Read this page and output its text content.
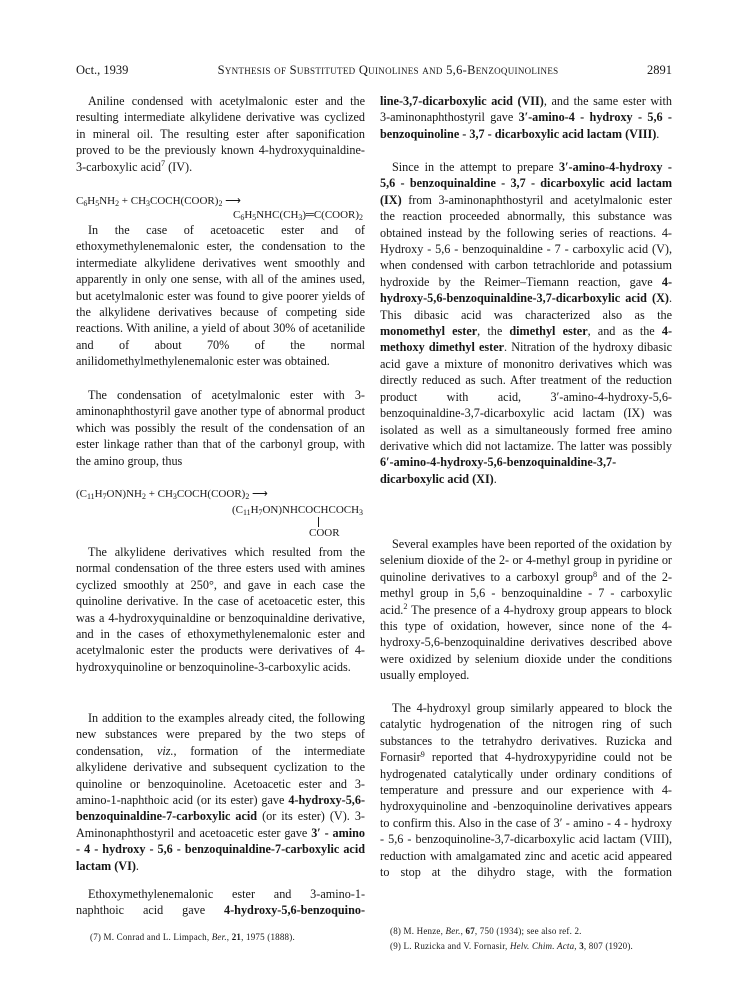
Oct., 1939	Synthesis of Substituted Quinolines and 5,6-Benzoquinolines	2891

Aniline condensed with acetylmalonic ester and the resulting intermediate alkylidene derivative was cyclized in mineral oil. The resulting ester after saponification proved to be the previously known 4-hydroxyquinaldine-3-carboxylic acid$^7$ (IV).

$C_6H_5NH_2$ + $CH_3COCH(COOR)_2$ ⟶
$C_6H_5NHC(CH_3)═C(COOR)_2$

In the case of acetoacetic ester and of ethoxymethylenemalonic ester, the condensation to the intermediate alkylidene derivatives went smoothly and apparently in only one sense, with all of the amines used, but acetylmalonic ester was found to give poorer yields of the alkylidene derivatives because of competing side reactions. With aniline, a yield of about 30% of acetanilide and of about 70% of the normal anilidomethylmethylenemalonic ester was obtained.

The condensation of acetylmalonic ester with 3-aminonaphthostyril gave another type of abnormal product which was possibly the result of the condensation of an ester linkage rather than that of the carbonyl group, with the amino group, thus

$(C_{11}H_7ON)NH_2$ + $CH_3COCH(COOR)_2$ ⟶
$(C_{11}H_7ON)NHCOCHCOCH_3$
COOR

The alkylidene derivatives which resulted from the normal condensation of the three esters used with amines cyclized smoothly at 250°, and gave in each case the quinoline derivative. In the case of acetoacetic ester, this was a 4-hydroxyquinaldine or benzoquinaldine derivative, and in the cases of ethoxymethylenemalonic ester and acetylmalonic ester the products were derivatives of 4-hydroxyquinoline or benzoquinoline-3-carboxylic acids.

In addition to the examples already cited, the following new substances were prepared by the two steps of condensation, viz., formation of the intermediate alkylidene derivative and subsequent cyclization to the quinoline or benzoquinoline. Acetoacetic ester and 3-amino-1-naphthoic acid (or its ester) gave 4-hydroxy-5,6-benzoquinaldine-7-carboxylic acid (or its ester) (V). 3-Aminonaphthostyril and acetoacetic ester gave 3′ - amino - 4 - hydroxy - 5,6 - benzoquinaldine-7-carboxylic acid lactam (VI).

Ethoxymethylenemalonic ester and 3-amino-1-naphthoic acid gave 4-hydroxy-5,6-benzoquino-

(7) M. Conrad and L. Limpach, Ber., 21, 1975 (1888).

line-3,7-dicarboxylic acid (VII), and the same ester with 3-aminonaphthostyril gave 3′-amino-4 - hydroxy - 5,6 - benzoquinoline - 3,7 - dicarboxylic acid lactam (VIII).

Since in the attempt to prepare 3′-amino-4-hydroxy - 5,6 - benzoquinaldine - 3,7 - dicarboxylic acid lactam (IX) from 3-aminonaphthostyril and acetylmalonic ester the reaction proceeded abnormally, this substance was obtained instead by the following series of reactions. 4-Hydroxy - 5,6 - benzoquinaldine - 7 - carboxylic acid (V), when condensed with carbon tetrachloride and potassium hydroxide by the Reimer–Tiemann reaction, gave 4-hydroxy-5,6-benzoquinaldine-3,7-dicarboxylic acid (X). This dibasic acid was characterized also as the monomethyl ester, the dimethyl ester, and as the 4-methoxy dimethyl ester. Nitration of the hydroxy dibasic acid gave a mixture of mononitro derivatives which was directly reduced as such. After treatment of the reduction product with acid, 3′-amino-4-hydroxy-5,6-benzoquinaldine-3,7-dicarboxylic acid lactam (IX) was isolated as well as a simultaneously formed free amino derivative which did not lactamize. The latter was possibly 6′-amino-4-hydroxy-5,6-benzoquinaldine-3,7-dicarboxylic acid (XI).

Several examples have been reported of the oxidation by selenium dioxide of the 2- or 4-methyl group in pyridine or quinoline derivatives to a carboxyl group$^8$ and of the 2-methyl group in 5,6 - benzoquinaldine - 7 - carboxylic acid.$^2$ The presence of a 4-hydroxy group appears to block this type of oxidation, however, since none of the 4-hydroxy-5,6-benzoquinaldine derivatives described above were oxidized by selenium dioxide under the conditions usually employed.

The 4-hydroxyl group similarly appeared to block the catalytic hydrogenation of the nitrogen ring of such substances to the tetrahydro derivatives. Ruzicka and Fornasir$^9$ reported that 4-hydroxypyridine could not be hydrogenated catalytically under ordinary conditions of temperature and pressure and our experience with 4-hydroxyquinoline and -benzoquinoline derivatives appears to confirm this. Also in the case of 3′ - amino - 4 - hydroxy - 5,6 - benzoquinoline-3,7-dicarboxylic acid lactam (VIII), reduction with amalgamated zinc and acetic acid appeared to stop at the dihydro stage, with the formation

(8) M. Henze, Ber., 67, 750 (1934); see also ref. 2.
(9) L. Ruzicka and V. Fornasir, Helv. Chim. Acta, 3, 807 (1920).
